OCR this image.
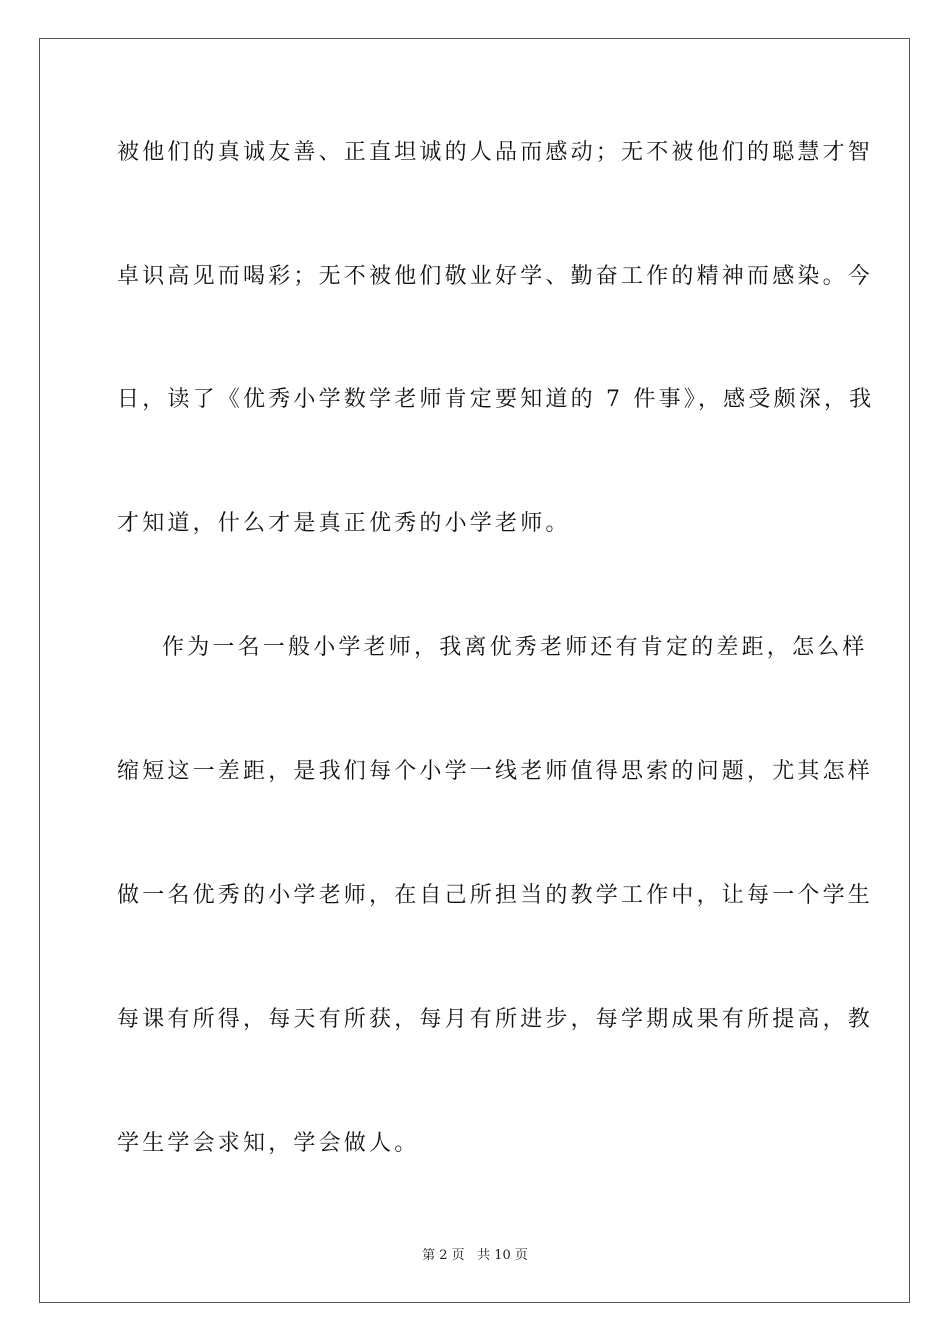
被他们的真诚友善、正直坦诚的人品而感动；无不被他们的聪慧才智
卓识高见而喝彩；无不被他们敬业好学、勤奋工作的精神而感染。今
日，读了《优秀小学数学老师肯定要知道的 7 件事》，感受颇深，我
才知道，什么才是真正优秀的小学老师。
作为一名一般小学老师，我离优秀老师还有肯定的差距，怎么样
缩短这一差距，是我们每个小学一线老师值得思索的问题，尤其怎样
做一名优秀的小学老师，在自己所担当的教学工作中，让每一个学生
每课有所得，每天有所获，每月有所进步，每学期成果有所提高，教
学生学会求知，学会做人。
第 2 页 共 10 页
